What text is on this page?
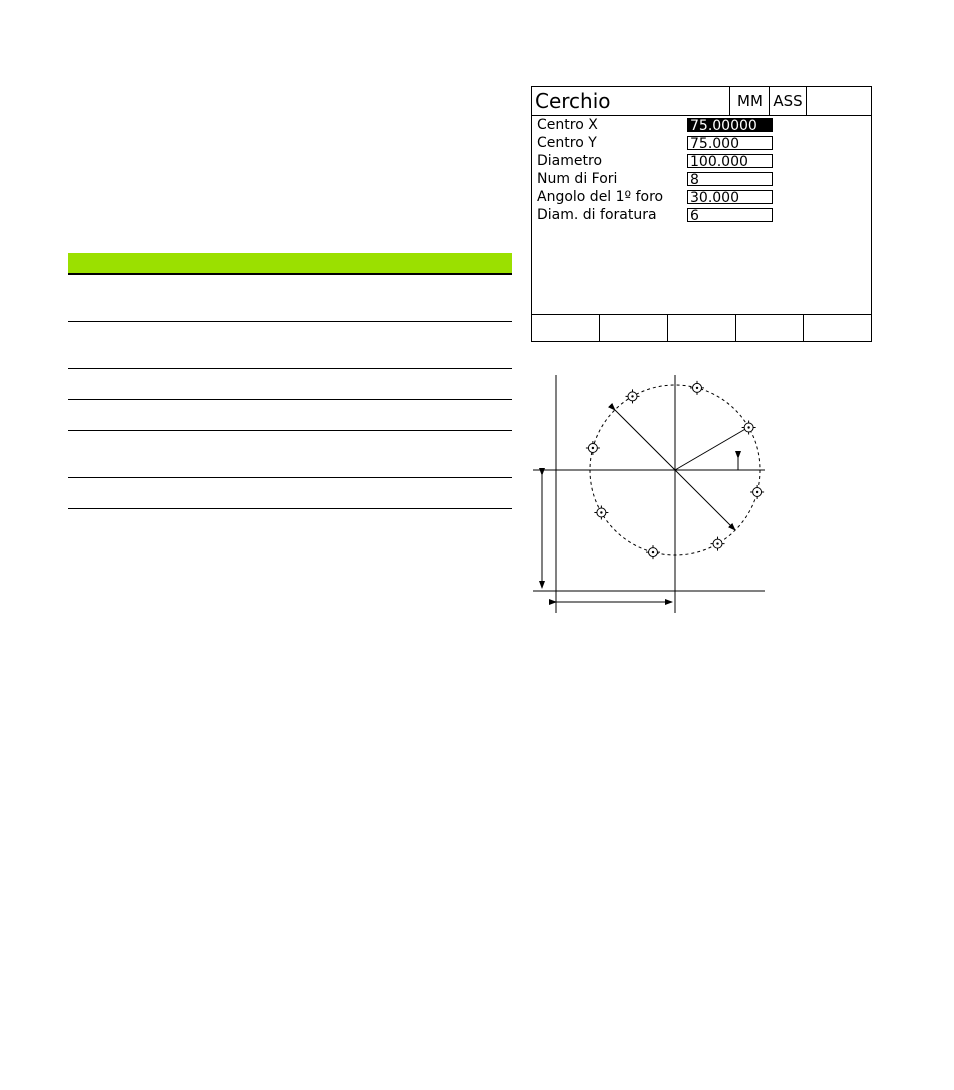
Cerchio	MM ASS
Centro X	75.00000
Centro Y	75.000
Diametro	100.000
Num di Fori	8
Angolo del 1º foro 30.000
Diam. di foratura 6
